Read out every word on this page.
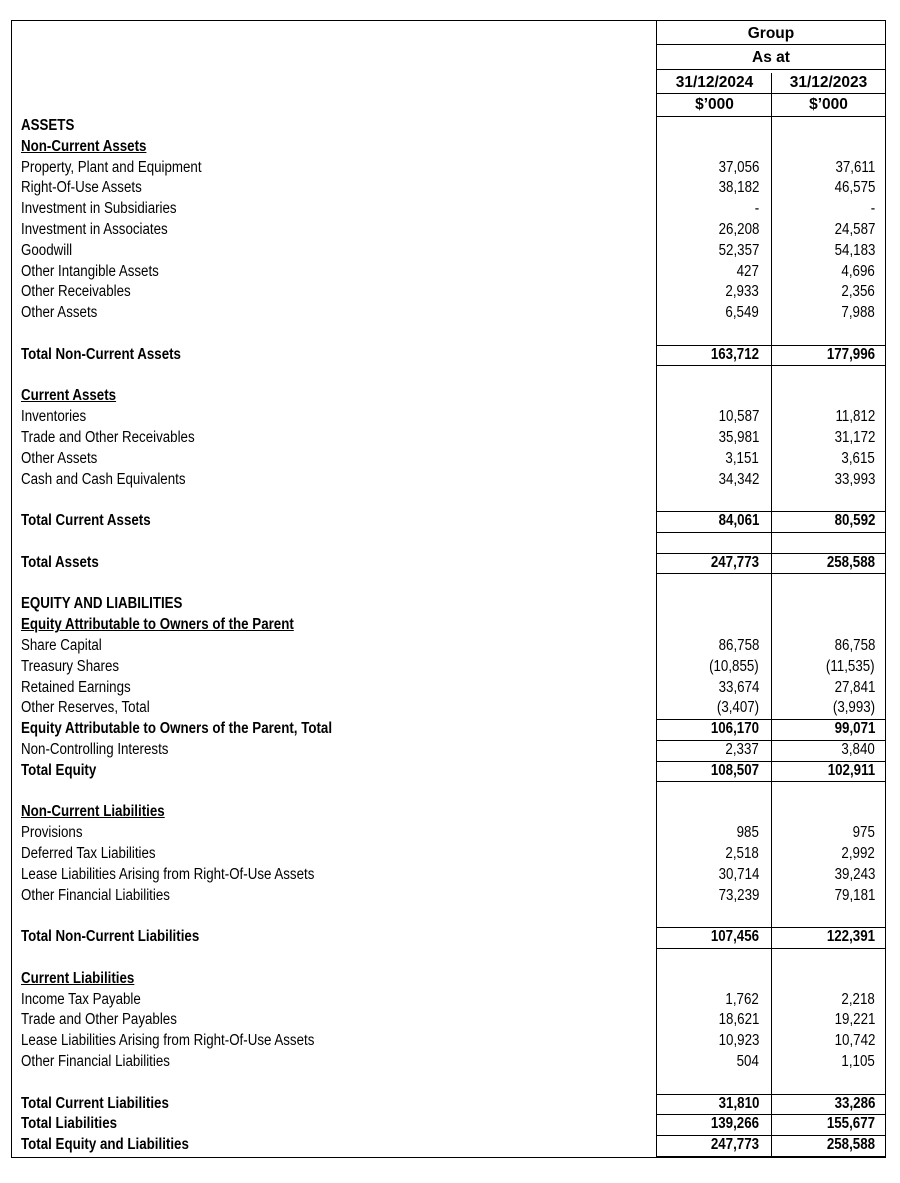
Group
As at
31/12/2024	31/12/2023
$’000	$’000
ASSETS
Non-Current Assets
Property, Plant and Equipment	37,056	37,611
Right-Of-Use Assets	38,182	46,575
Investment in Subsidiaries	-	-
Investment in Associates	26,208	24,587
Goodwill	52,357	54,183
Other Intangible Assets	427	4,696
Other Receivables	2,933	2,356
Other Assets	6,549	7,988
Total Non-Current Assets	163,712	177,996
Current Assets
Inventories	10,587	11,812
Trade and Other Receivables	35,981	31,172
Other Assets	3,151	3,615
Cash and Cash Equivalents	34,342	33,993
Total Current Assets	84,061	80,592
Total Assets	247,773	258,588
EQUITY AND LIABILITIES
Equity Attributable to Owners of the Parent
Share Capital	86,758	86,758
Treasury Shares	(10,855)	(11,535)
Retained Earnings	33,674	27,841
Other Reserves, Total	(3,407)	(3,993)
Equity Attributable to Owners of the Parent, Total	106,170	99,071
Non-Controlling Interests	2,337	3,840
Total Equity	108,507	102,911
Non-Current Liabilities
Provisions	985	975
Deferred Tax Liabilities	2,518	2,992
Lease Liabilities Arising from Right-Of-Use Assets	30,714	39,243
Other Financial Liabilities	73,239	79,181
Total Non-Current Liabilities	107,456	122,391
Current Liabilities
Income Tax Payable	1,762	2,218
Trade and Other Payables	18,621	19,221
Lease Liabilities Arising from Right-Of-Use Assets	10,923	10,742
Other Financial Liabilities	504	1,105
Total Current Liabilities	31,810	33,286
Total Liabilities	139,266	155,677
Total Equity and Liabilities	247,773	258,588
